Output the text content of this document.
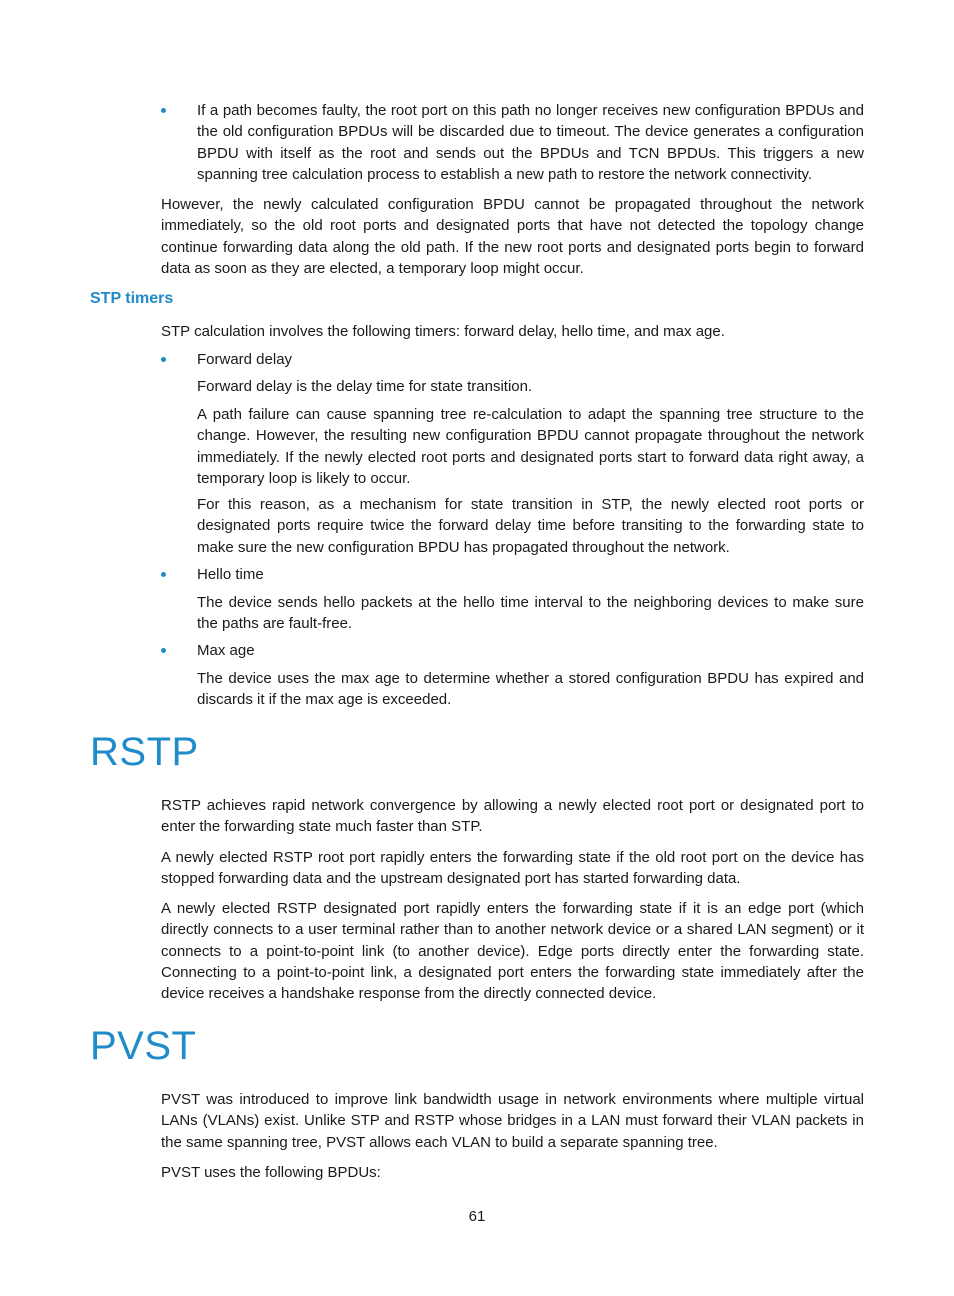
If a path becomes faulty, the root port on this path no longer receives new configuration BPDUs and the old configuration BPDUs will be discarded due to timeout. The device generates a configuration BPDU with itself as the root and sends out the BPDUs and TCN BPDUs. This triggers a new spanning tree calculation process to establish a new path to restore the network connectivity.

However, the newly calculated configuration BPDU cannot be propagated throughout the network immediately, so the old root ports and designated ports that have not detected the topology change continue forwarding data along the old path. If the new root ports and designated ports begin to forward data as soon as they are elected, a temporary loop might occur.

STP timers

STP calculation involves the following timers: forward delay, hello time, and max age.

Forward delay

Forward delay is the delay time for state transition.

A path failure can cause spanning tree re-calculation to adapt the spanning tree structure to the change. However, the resulting new configuration BPDU cannot propagate throughout the network immediately. If the newly elected root ports and designated ports start to forward data right away, a temporary loop is likely to occur.

For this reason, as a mechanism for state transition in STP, the newly elected root ports or designated ports require twice the forward delay time before transiting to the forwarding state to make sure the new configuration BPDU has propagated throughout the network.

Hello time

The device sends hello packets at the hello time interval to the neighboring devices to make sure the paths are fault-free.

Max age

The device uses the max age to determine whether a stored configuration BPDU has expired and discards it if the max age is exceeded.

RSTP

RSTP achieves rapid network convergence by allowing a newly elected root port or designated port to enter the forwarding state much faster than STP.

A newly elected RSTP root port rapidly enters the forwarding state if the old root port on the device has stopped forwarding data and the upstream designated port has started forwarding data.

A newly elected RSTP designated port rapidly enters the forwarding state if it is an edge port (which directly connects to a user terminal rather than to another network device or a shared LAN segment) or it connects to a point-to-point link (to another device). Edge ports directly enter the forwarding state. Connecting to a point-to-point link, a designated port enters the forwarding state immediately after the device receives a handshake response from the directly connected device.

PVST

PVST was introduced to improve link bandwidth usage in network environments where multiple virtual LANs (VLANs) exist. Unlike STP and RSTP whose bridges in a LAN must forward their VLAN packets in the same spanning tree, PVST allows each VLAN to build a separate spanning tree.

PVST uses the following BPDUs:

61
